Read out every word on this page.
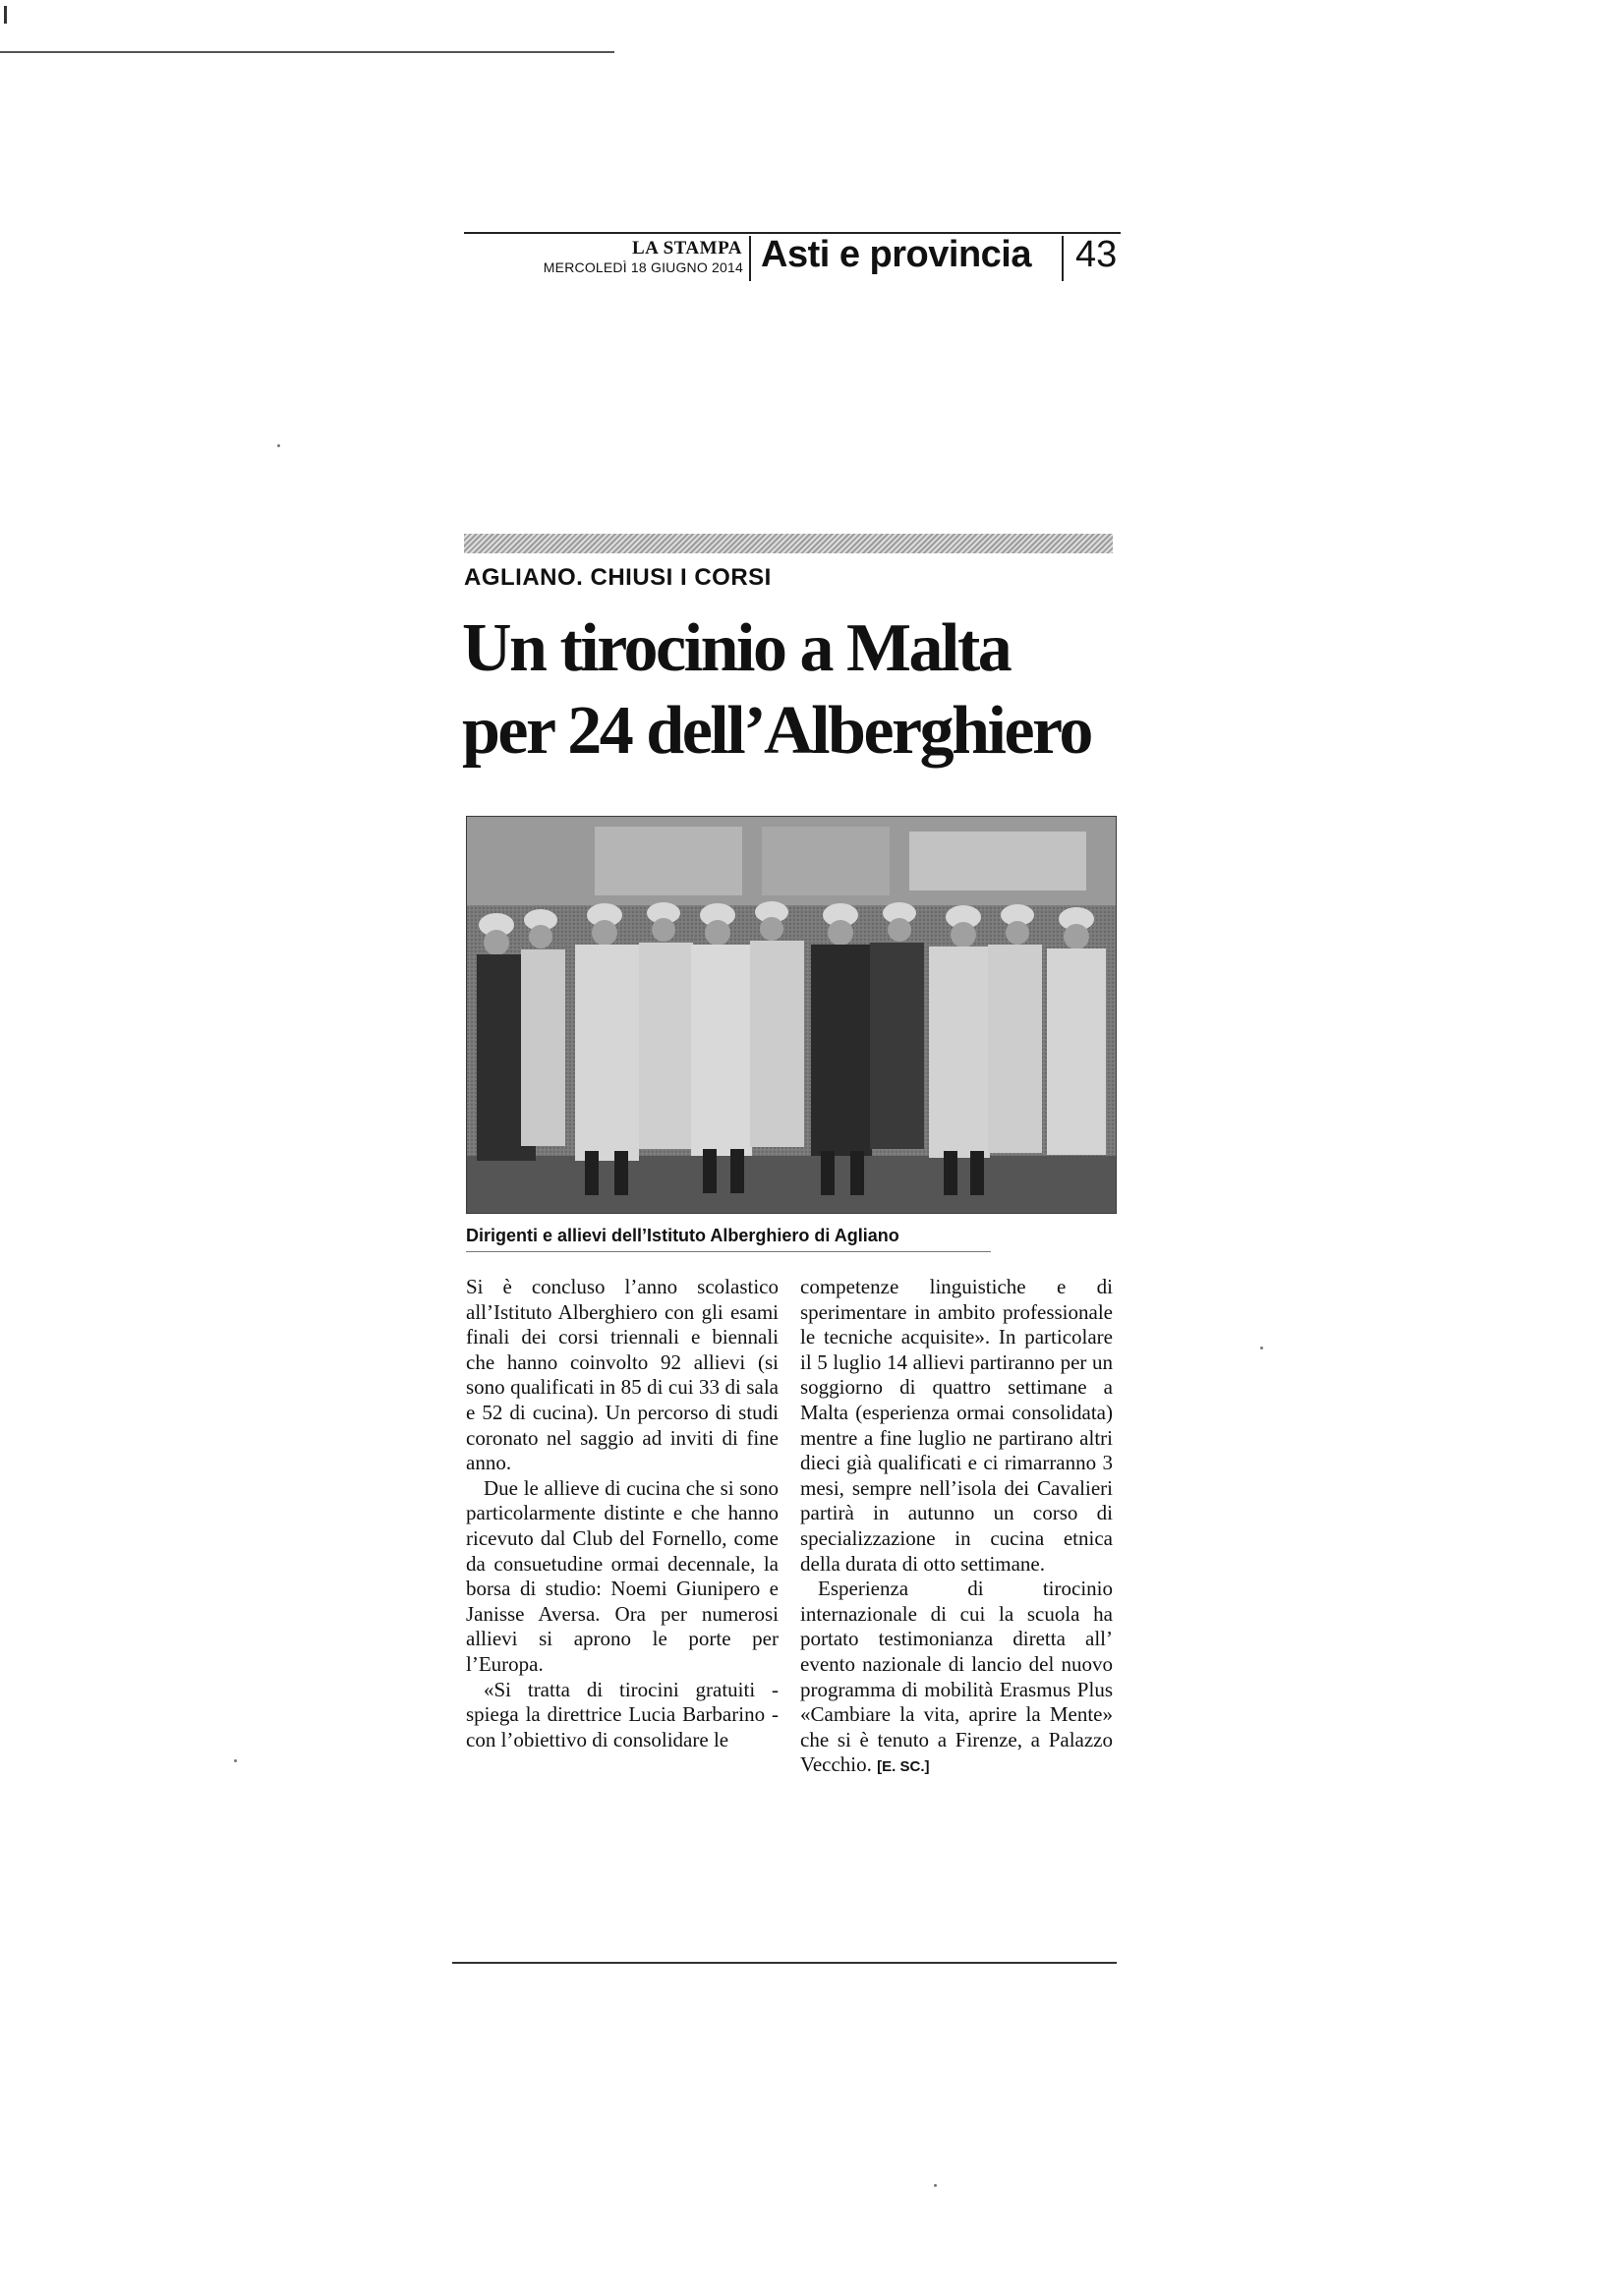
LA STAMPA
MERCOLEDÌ 18 GIUGNO 2014 Asti e provincia 43
AGLIANO. CHIUSI I CORSI
Un tirocinio a Malta
per 24 dell’Alberghiero
Dirigenti e allievi dell’Istituto Alberghiero di Agliano

Si è concluso l’anno scolastico all’Istituto Alberghiero con gli esami finali dei corsi triennali e biennali che hanno coinvolto 92 allievi (si sono qualificati in 85 di cui 33 di sala e 52 di cucina). Un percorso di studi coronato nel saggio ad inviti di fine anno.

Due le allieve di cucina che si sono particolarmente distinte e che hanno ricevuto dal Club del Fornello, come da consuetudine ormai decennale, la borsa di studio: Noemi Giunipero e Janisse Aversa. Ora per numerosi allievi si aprono le porte per l’Europa.

«Si tratta di tirocini gratuiti - spiega la direttrice Lucia Barbarino - con l’obiettivo di consolidare le

competenze linguistiche e di sperimentare in ambito professionale le tecniche acquisite». In particolare il 5 luglio 14 allievi partiranno per un soggiorno di quattro settimane a Malta (esperienza ormai consolidata) mentre a fine luglio ne partirano altri dieci già qualificati e ci rimarranno 3 mesi, sempre nell’isola dei Cavalieri partirà in autunno un corso di specializzazione in cucina etnica della durata di otto settimane.

Esperienza di tirocinio internazionale di cui la scuola ha portato testimonianza diretta all’ evento nazionale di lancio del nuovo programma di mobilità Erasmus Plus «Cambiare la vita, aprire la Mente» che si è tenuto a Firenze, a Palazzo Vecchio. [E. SC.]
